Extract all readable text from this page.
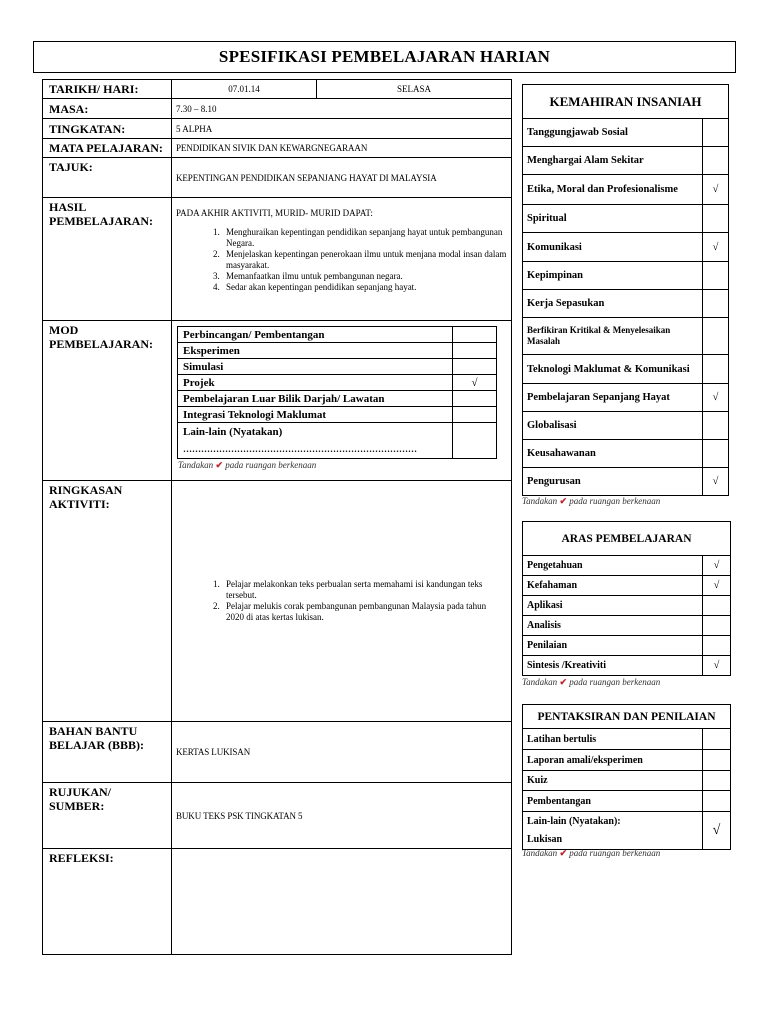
SPESIFIKASI PEMBELAJARAN HARIAN
TARIKH/ HARI:	07.01.14	SELASA
MASA:	7.30 – 8.10
TINGKATAN:	5 ALPHA
MATA PELAJARAN:	PENDIDIKAN SIVIK DAN KEWARGNEGARAAN
TAJUK:	KEPENTINGAN PENDIDIKAN SEPANJANG HAYAT DI MALAYSIA

HASIL
PEMBELAJARAN:

PADA AKHIR AKTIVITI, MURID- MURID DAPAT:
1. Menghuraikan kepentingan pendidikan sepanjang hayat untuk pembangunan Negara.
2. Menjelaskan kepentingan penerokaan ilmu untuk menjana modal insan dalam masyarakat.
3. Memanfaatkan ilmu untuk pembangunan negara.
4. Sedar akan kepentingan pendidikan sepanjang hayat.

MOD
PEMBELAJARAN:

Perbincangan/ Pembentangan	
Eksperimen	
Simulasi	
Projek	√
Pembelajaran Luar Bilik Darjah/ Lawatan	
Integrasi Teknologi Maklumat	

Lain-lain (Nyatakan)
……………………………………………………………………

Tandakan ✔ pada ruangan berkenaan

RINGKASAN
AKTIVITI:

1. Pelajar melakonkan teks perbualan serta memahami isi kandungan teks tersebut.
2. Pelajar melukis corak pembangunan pembangunan Malaysia pada tahun 2020 di atas kertas lukisan.

BAHAN BANTU
BELAJAR (BBB):	KERTAS LUKISAN

RUJUKAN/
SUMBER:
	BUKU TEKS PSK TINGKATAN 5
REFLEKSI:	
KEMAHIRAN INSANIAH	
Tanggungjawab Sosial	
Menghargai Alam Sekitar	
Etika, Moral dan Profesionalisme	√
Spiritual	
Komunikasi	√
Kepimpinan	
Kerja Sepasukan	
Berfikiran Kritikal & Menyelesaikan Masalah	
Teknologi Maklumat & Komunikasi	
Pembelajaran Sepanjang Hayat	√
Globalisasi	
Keusahawanan	
Pengurusan	√
Tandakan ✔ pada ruangan berkenaan
ARAS PEMBELAJARAN	
Pengetahuan	√
Kefahaman	√
Aplikasi	
Analisis	
Penilaian	
Sintesis /Kreativiti	√
Tandakan ✔ pada ruangan berkenaan
PENTAKSIRAN DAN PENILAIAN	
Latihan bertulis	
Laporan amali/eksperimen	
Kuiz	
Pembentangan	

Lain-lain (Nyatakan):
Lukisan	√
Tandakan ✔ pada ruangan berkenaan
